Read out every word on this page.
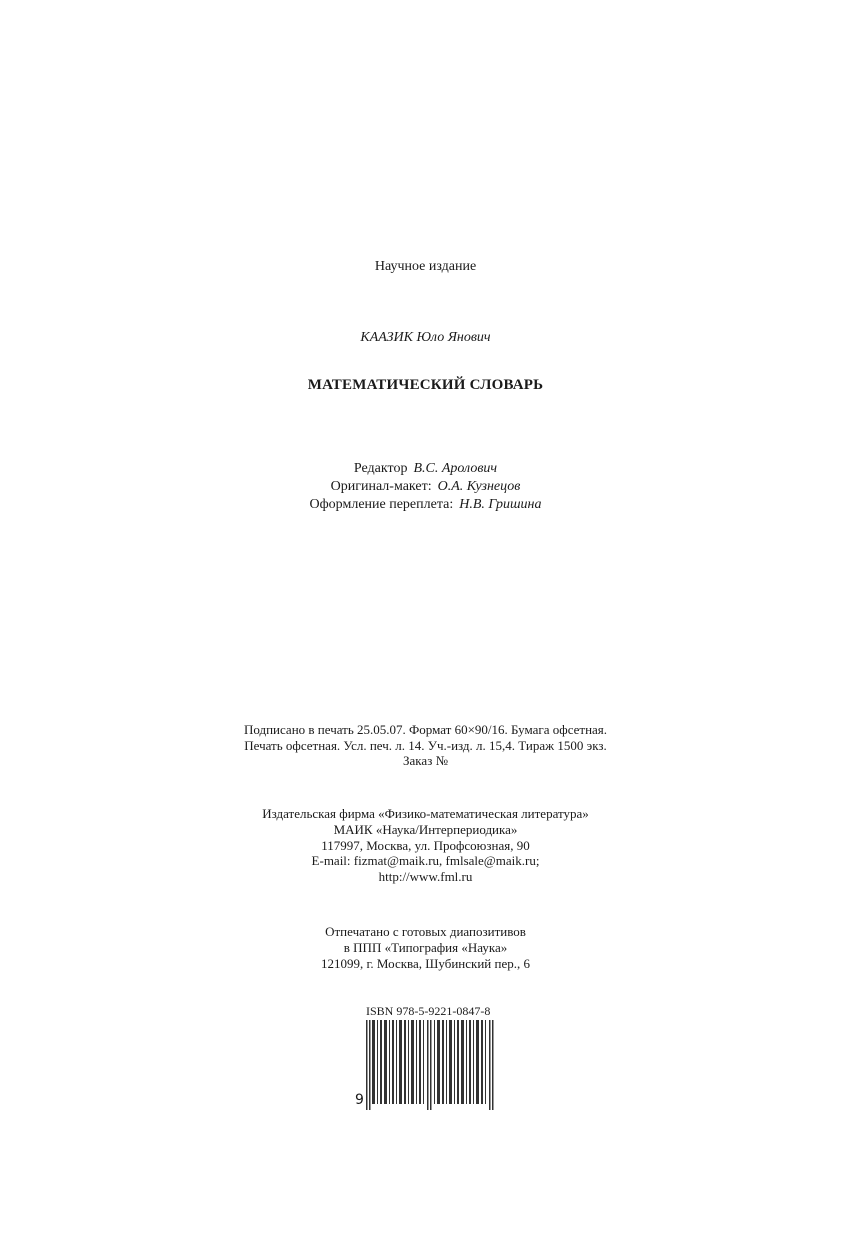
Научное издание
КААЗИК Юло Янович
МАТЕМАТИЧЕСКИЙ СЛОВАРЬ
Редактор В.С. Аролович
Оригинал-макет: О.А. Кузнецов
Оформление переплета: Н.В. Гришина
Подписано в печать 25.05.07. Формат 60×90/16. Бумага офсетная.
Печать офсетная. Усл. печ. л. 14. Уч.-изд. л. 15,4. Тираж 1500 экз.
Заказ №
Издательская фирма «Физико-математическая литература»
МАИК «Наука/Интерпериодика»
117997, Москва, ул. Профсоюзная, 90
E-mail: fizmat@maik.ru, fmlsale@maik.ru;
http://www.fml.ru
Отпечатано с готовых диапозитивов
в ППП «Типография «Наука»
121099, г. Москва, Шубинский пер., 6
ISBN 978-5-9221-0847-8
9
